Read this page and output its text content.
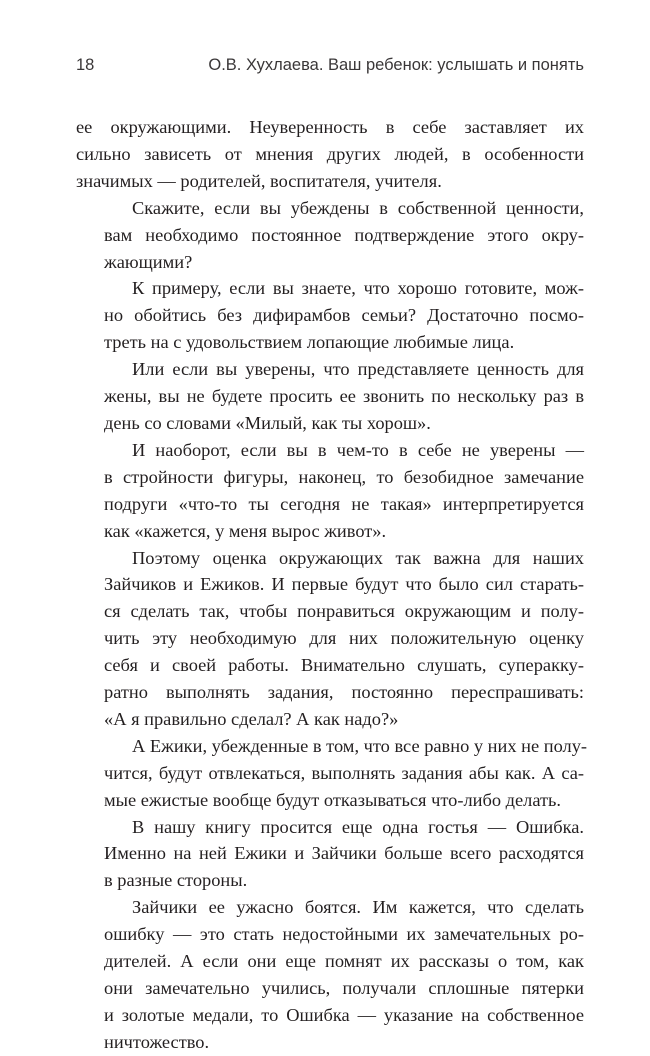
18	О.В. Хухлаева. Ваш ребенок: услышать и понять

ее окружающими. Неуверенность в себе заставляет их
сильно зависеть от мнения других людей, в особенности
значимых — родителей, воспитателя, учителя.

Скажите, если вы убеждены в собственной ценности,
вам необходимо постоянное подтверждение этого окру-
жающими?

К примеру, если вы знаете, что хорошо готовите, мож-
но обойтись без дифирамбов семьи? Достаточно посмо-
треть на с удовольствием лопающие любимые лица.

Или если вы уверены, что представляете ценность для
жены, вы не будете просить ее звонить по нескольку раз в
день со словами «Милый, как ты хорош».

И наоборот, если вы в чем-то в себе не уверены —
в стройности фигуры, наконец, то безобидное замечание
подруги «что-то ты сегодня не такая» интерпретируется
как «кажется, у меня вырос живот».

Поэтому оценка окружающих так важна для наших
Зайчиков и Ежиков. И первые будут что было сил старать-
ся сделать так, чтобы понравиться окружающим и полу-
чить эту необходимую для них положительную оценку
себя и своей работы. Внимательно слушать, суперакку-
ратно выполнять задания, постоянно переспрашивать:
«А я правильно сделал? А как надо?»

А Ежики, убежденные в том, что все равно у них не полу-
чится, будут отвлекаться, выполнять задания абы как. А са-
мые ежистые вообще будут отказываться что-либо делать.

В нашу книгу просится еще одна гостья — Ошибка.
Именно на ней Ежики и Зайчики больше всего расходятся
в разные стороны.

Зайчики ее ужасно боятся. Им кажется, что сделать
ошибку — это стать недостойными их замечательных ро-
дителей. А если они еще помнят их рассказы о том, как
они замечательно учились, получали сплошные пятерки
и золотые медали, то Ошибка — указание на собственное
ничтожество.
